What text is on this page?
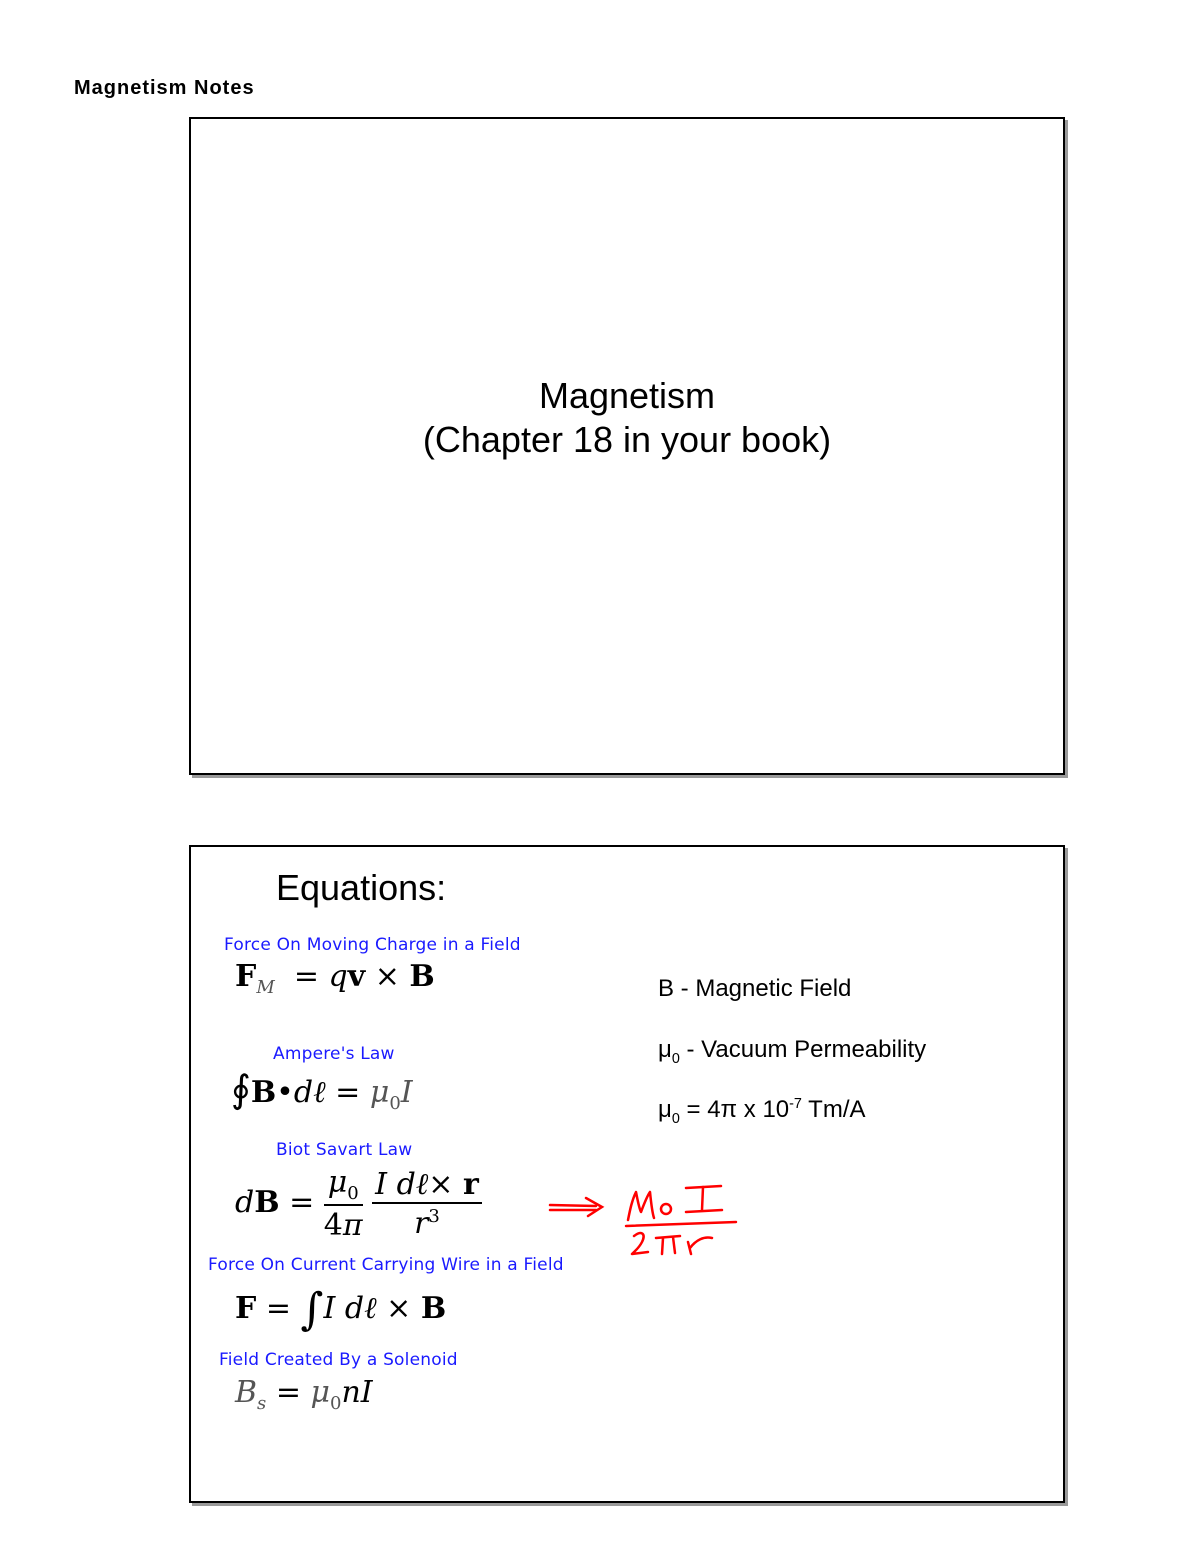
Magnetism Notes
Magnetism
(Chapter 18 in your book)
Equations:
Force On Moving Charge in a Field
$F_M$  = qv × B
Ampere's Law
∮B•dℓ = $\mu_0I$
Biot Savart Law
dB = $\frac{\mu_0}{4\pi}$
$\frac{\text{I dℓ× r}}{r^3}$
Force On Current Carrying Wire in a Field
F = ∫I dℓ × B
Field Created By a Solenoid
$B_s = \mu_0nI$
B - Magnetic Field
$\mu_0$ - Vacuum Permeability
$\mu_0 = 4\pi$ x $10^{-7}$ Tm/A
